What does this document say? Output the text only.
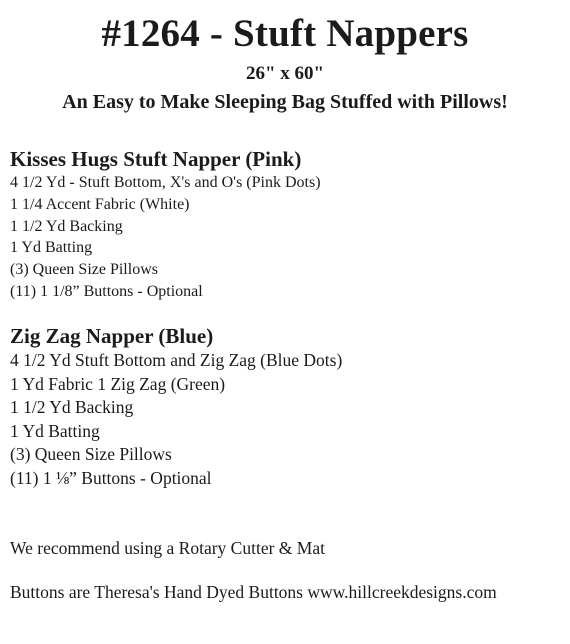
#1264 - Stuft Nappers
26" x 60"
An Easy to Make Sleeping Bag Stuffed with Pillows!
Kisses Hugs Stuft Napper (Pink)
4 1/2 Yd - Stuft Bottom, X's and O's (Pink Dots)
1 1/4 Accent Fabric (White)
1 1/2 Yd Backing
1 Yd Batting
(3) Queen Size Pillows
(11) 1 1/8” Buttons - Optional
Zig Zag Napper (Blue)
4 1/2 Yd Stuft Bottom and Zig Zag (Blue Dots)
1 Yd Fabric 1 Zig Zag (Green)
1 1/2 Yd Backing
1 Yd Batting
(3) Queen Size Pillows
(11) 1 ⅛” Buttons - Optional
We recommend using a Rotary Cutter & Mat
Buttons are Theresa's Hand Dyed Buttons www.hillcreekdesigns.com
